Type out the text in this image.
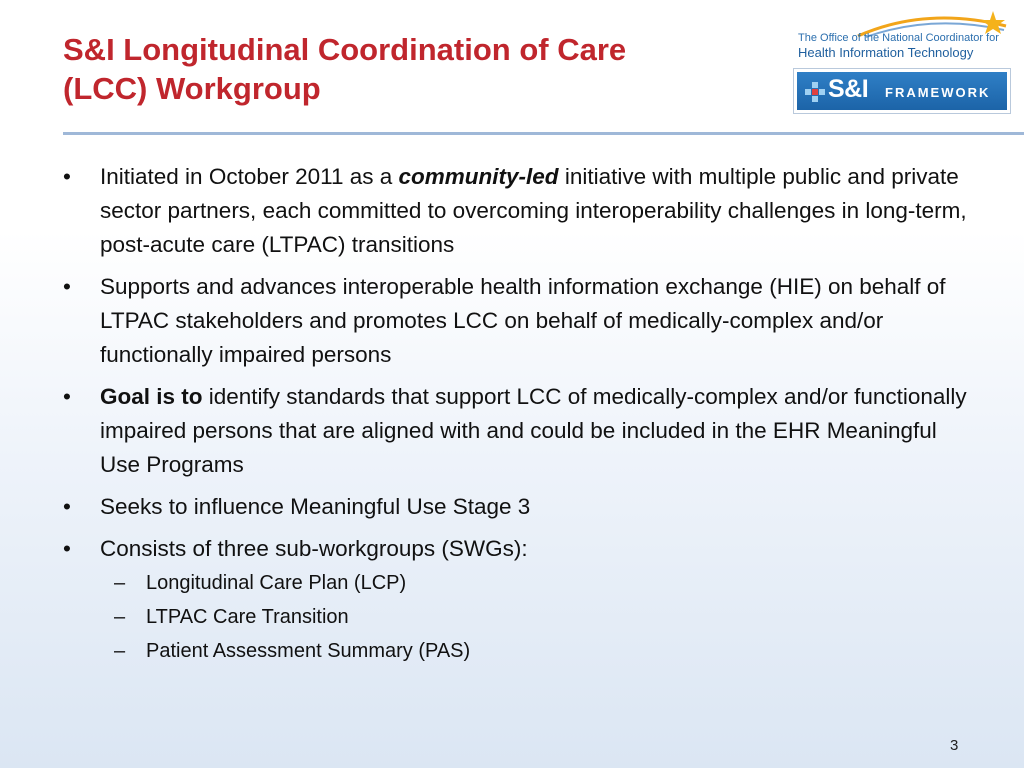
S&I Longitudinal Coordination of Care
(LCC) Workgroup
The Office of the National Coordinator for
Health Information Technology
S&I FRAMEWORK
• Initiated in October 2011 as a community-led initiative with multiple public and private sector partners, each committed to overcoming interoperability challenges in long-term, post-acute care (LTPAC) transitions
• Supports and advances interoperable health information exchange (HIE) on behalf of LTPAC stakeholders and promotes LCC on behalf of medically-complex and/or functionally impaired persons
• Goal is to identify standards that support LCC of medically-complex and/or functionally impaired persons that are aligned with and could be included in the EHR Meaningful Use Programs
• Seeks to influence Meaningful Use Stage 3
• Consists of three sub-workgroups (SWGs):
– Longitudinal Care Plan (LCP)
– LTPAC Care Transition
– Patient Assessment Summary (PAS)
3
